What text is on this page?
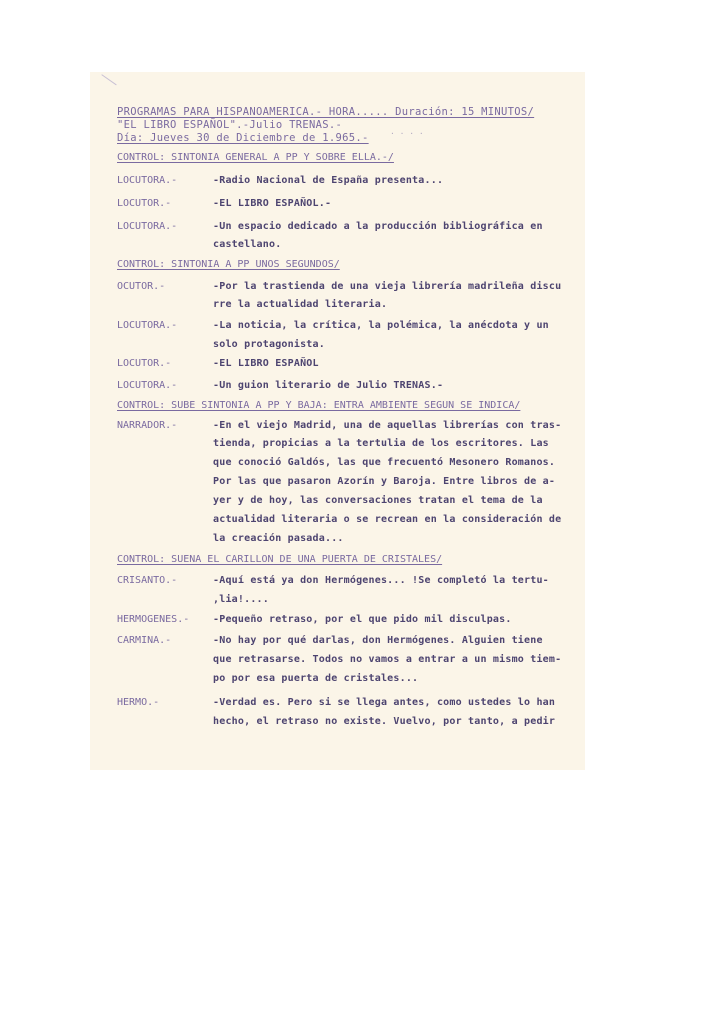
PROGRAMAS PARA HISPANOAMERICA.- HORA..... Duración: 15 MINUTOS/
"EL LIBRO ESPAÑOL".-Julio TRENAS.-
. . . .
Día: Jueves 30 de Diciembre de 1.965.-
CONTROL: SINTONIA GENERAL A PP Y SOBRE ELLA.-/
LOCUTORA.-	-Radio Nacional de España presenta...
LOCUTOR.-	-EL LIBRO ESPAÑOL.-
LOCUTORA.-	-Un espacio dedicado a la producción bibliográfica en
castellano.
CONTROL: SINTONIA A PP UNOS SEGUNDOS/
OCUTOR.-	-Por la trastienda de una vieja librería madrileña discu
rre la actualidad literaria.
LOCUTORA.-	-La noticia, la crítica, la polémica, la anécdota y un
solo protagonista.
LOCUTOR.-	-EL LIBRO ESPAÑOL
LOCUTORA.-	-Un guion literario de Julio TRENAS.-
CONTROL: SUBE SINTONIA A PP Y BAJA: ENTRA AMBIENTE SEGUN SE INDICA/
NARRADOR.-	-En el viejo Madrid, una de aquellas librerías con tras-
tienda, propicias a la tertulia de los escritores. Las
que conoció Galdós, las que frecuentó Mesonero Romanos.
Por las que pasaron Azorín y Baroja. Entre libros de a-
yer y de hoy, las conversaciones tratan el tema de la
actualidad literaria o se recrean en la consideración de
la creación pasada...
CONTROL: SUENA EL CARILLON DE UNA PUERTA DE CRISTALES/
CRISANTO.-	-Aquí está ya don Hermógenes... !Se completó la tertu-
,lia!....
HERMOGENES.- -Pequeño retraso, por el que pido mil disculpas.
CARMINA.-	-No hay por qué darlas, don Hermógenes. Alguien tiene
que retrasarse. Todos no vamos a entrar a un mismo tiem-
po por esa puerta de cristales...
HERMO.-	-Verdad es. Pero si se llega antes, como ustedes lo han
hecho, el retraso no existe. Vuelvo, por tanto, a pedir
